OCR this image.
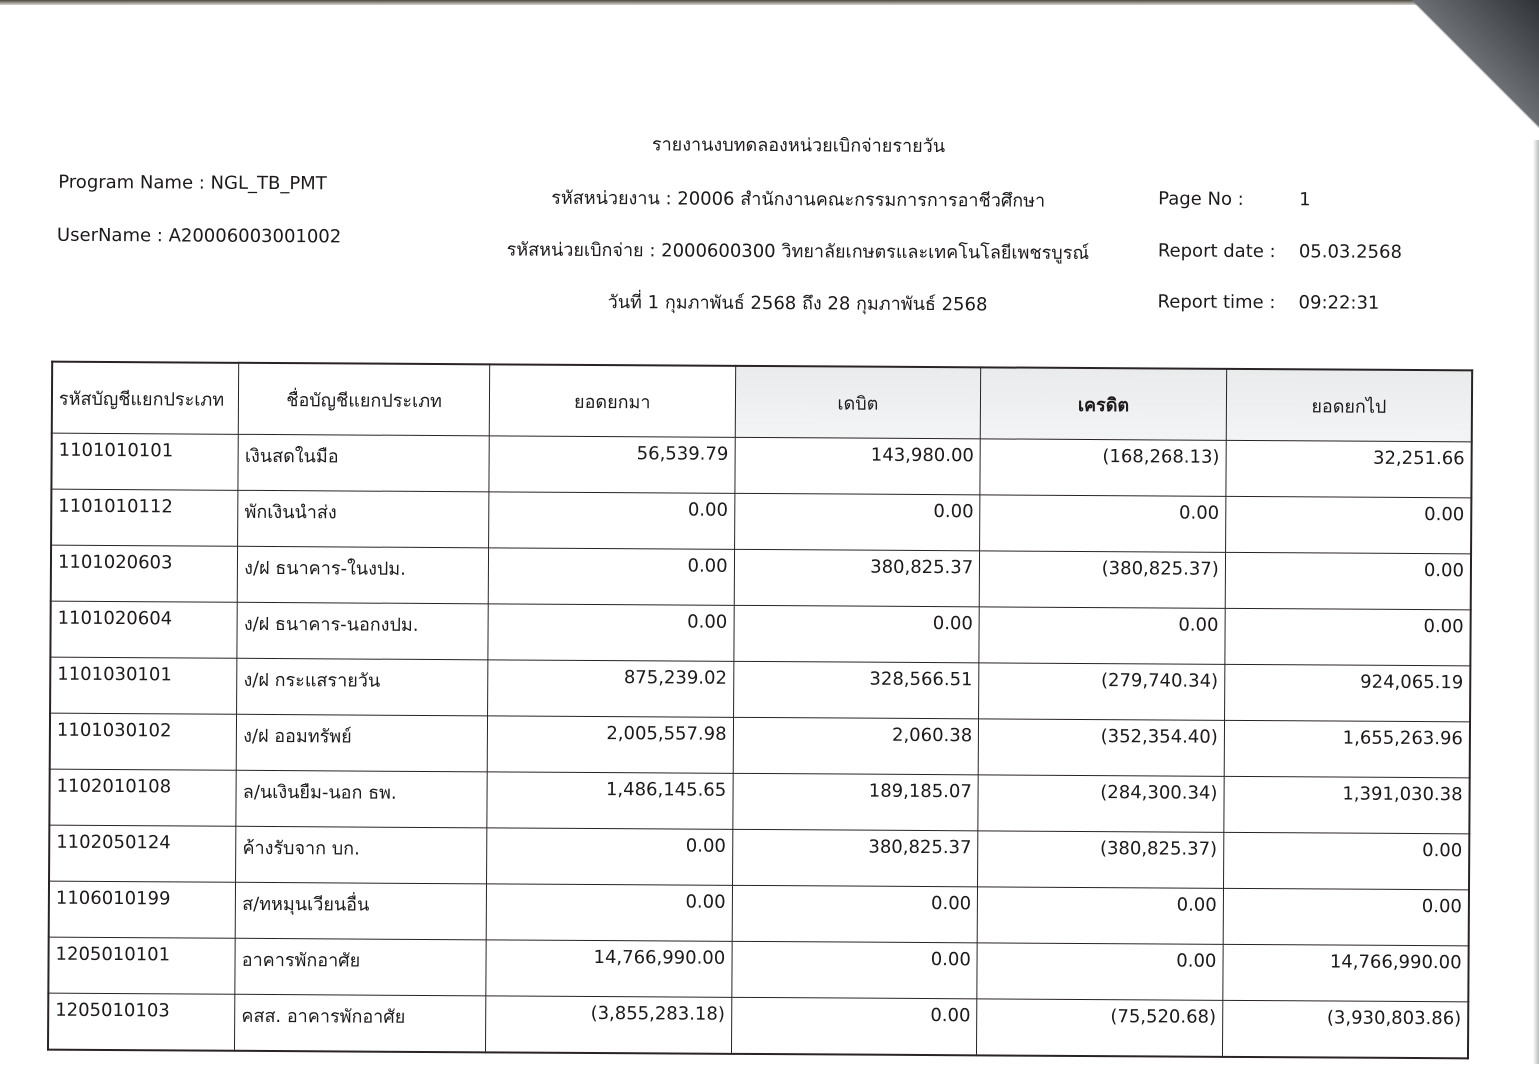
รายงานงบทดลองหน่วยเบิกจ่ายรายวัน
Program Name : NGL_TB_PMT
UserName : A20006003001002
รหัสหน่วยงาน : 20006 สำนักงานคณะกรรมการการอาชีวศึกษา
รหัสหน่วยเบิกจ่าย : 2000600300 วิทยาลัยเกษตรและเทคโนโลยีเพชรบูรณ์
วันที่ 1 กุมภาพันธ์ 2568 ถึง 28 กุมภาพันธ์ 2568
Page No :	1
Report date : 05.03.2568
Report time : 09:22:31
รหัสบัญชีแยกประเภท	ชื่อบัญชีแยกประเภท	ยอดยกมา	เดบิต	เครดิต	ยอดยกไป
1101010101	เงินสดในมือ	56,539.79	143,980.00	(168,268.13)	32,251.66
1101010112	พักเงินนำส่ง	0.00	0.00	0.00	0.00
1101020603	ง/ฝ ธนาคาร-ในงปม.	0.00	380,825.37	(380,825.37)	0.00
1101020604	ง/ฝ ธนาคาร-นอกงปม.	0.00	0.00	0.00	0.00
1101030101	ง/ฝ กระแสรายวัน	875,239.02	328,566.51	(279,740.34)	924,065.19
1101030102	ง/ฝ ออมทรัพย์	2,005,557.98	2,060.38	(352,354.40)	1,655,263.96
1102010108	ล/นเงินยืม-นอก ธพ.	1,486,145.65	189,185.07	(284,300.34)	1,391,030.38
1102050124	ค้างรับจาก บก.	0.00	380,825.37	(380,825.37)	0.00
1106010199	ส/ทหมุนเวียนอื่น	0.00	0.00	0.00	0.00
1205010101	อาคารพักอาศัย	14,766,990.00	0.00	0.00	14,766,990.00
1205010103	คสส. อาคารพักอาศัย	(3,855,283.18)	0.00	(75,520.68)	(3,930,803.86)
